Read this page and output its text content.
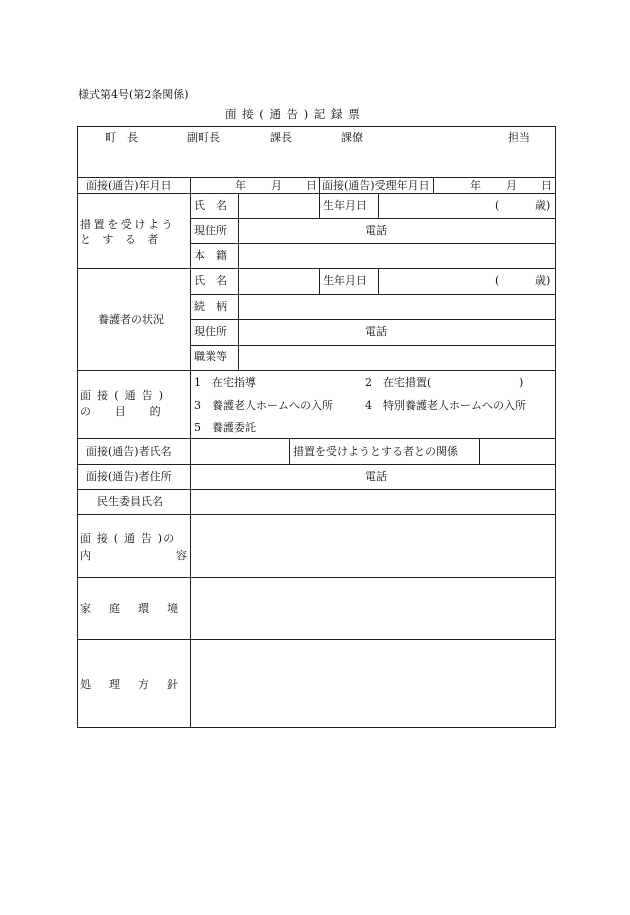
様式第4号(第2条関係)
面 接 ( 通 告 ) 記 録 票
町　長	副町長	課長	課僚	担当
面接(通告)年月日	年 月 日 面接(通告)受理年月日	年 月 日
措置を受けよう
と　す　る　者
氏　名	生年月日	(	歳)
現住所	電話
本　籍
養護者の状況
氏　名	生年月日	(	歳)
続　柄
現住所	電話
職業等
面 接 ( 通 告 )
の　　目　　的
1　在宅指導	2　在宅措置(	)
3　養護老人ホームへの入所	4　特別養護老人ホームへの入所
5　養護委託
面接(通告)者氏名	措置を受けようとする者との関係
面接(通告)者住所	電話
民生委員氏名
面 接 ( 通 告 )の
内	容
家　庭　環　境
処　理　方　針
